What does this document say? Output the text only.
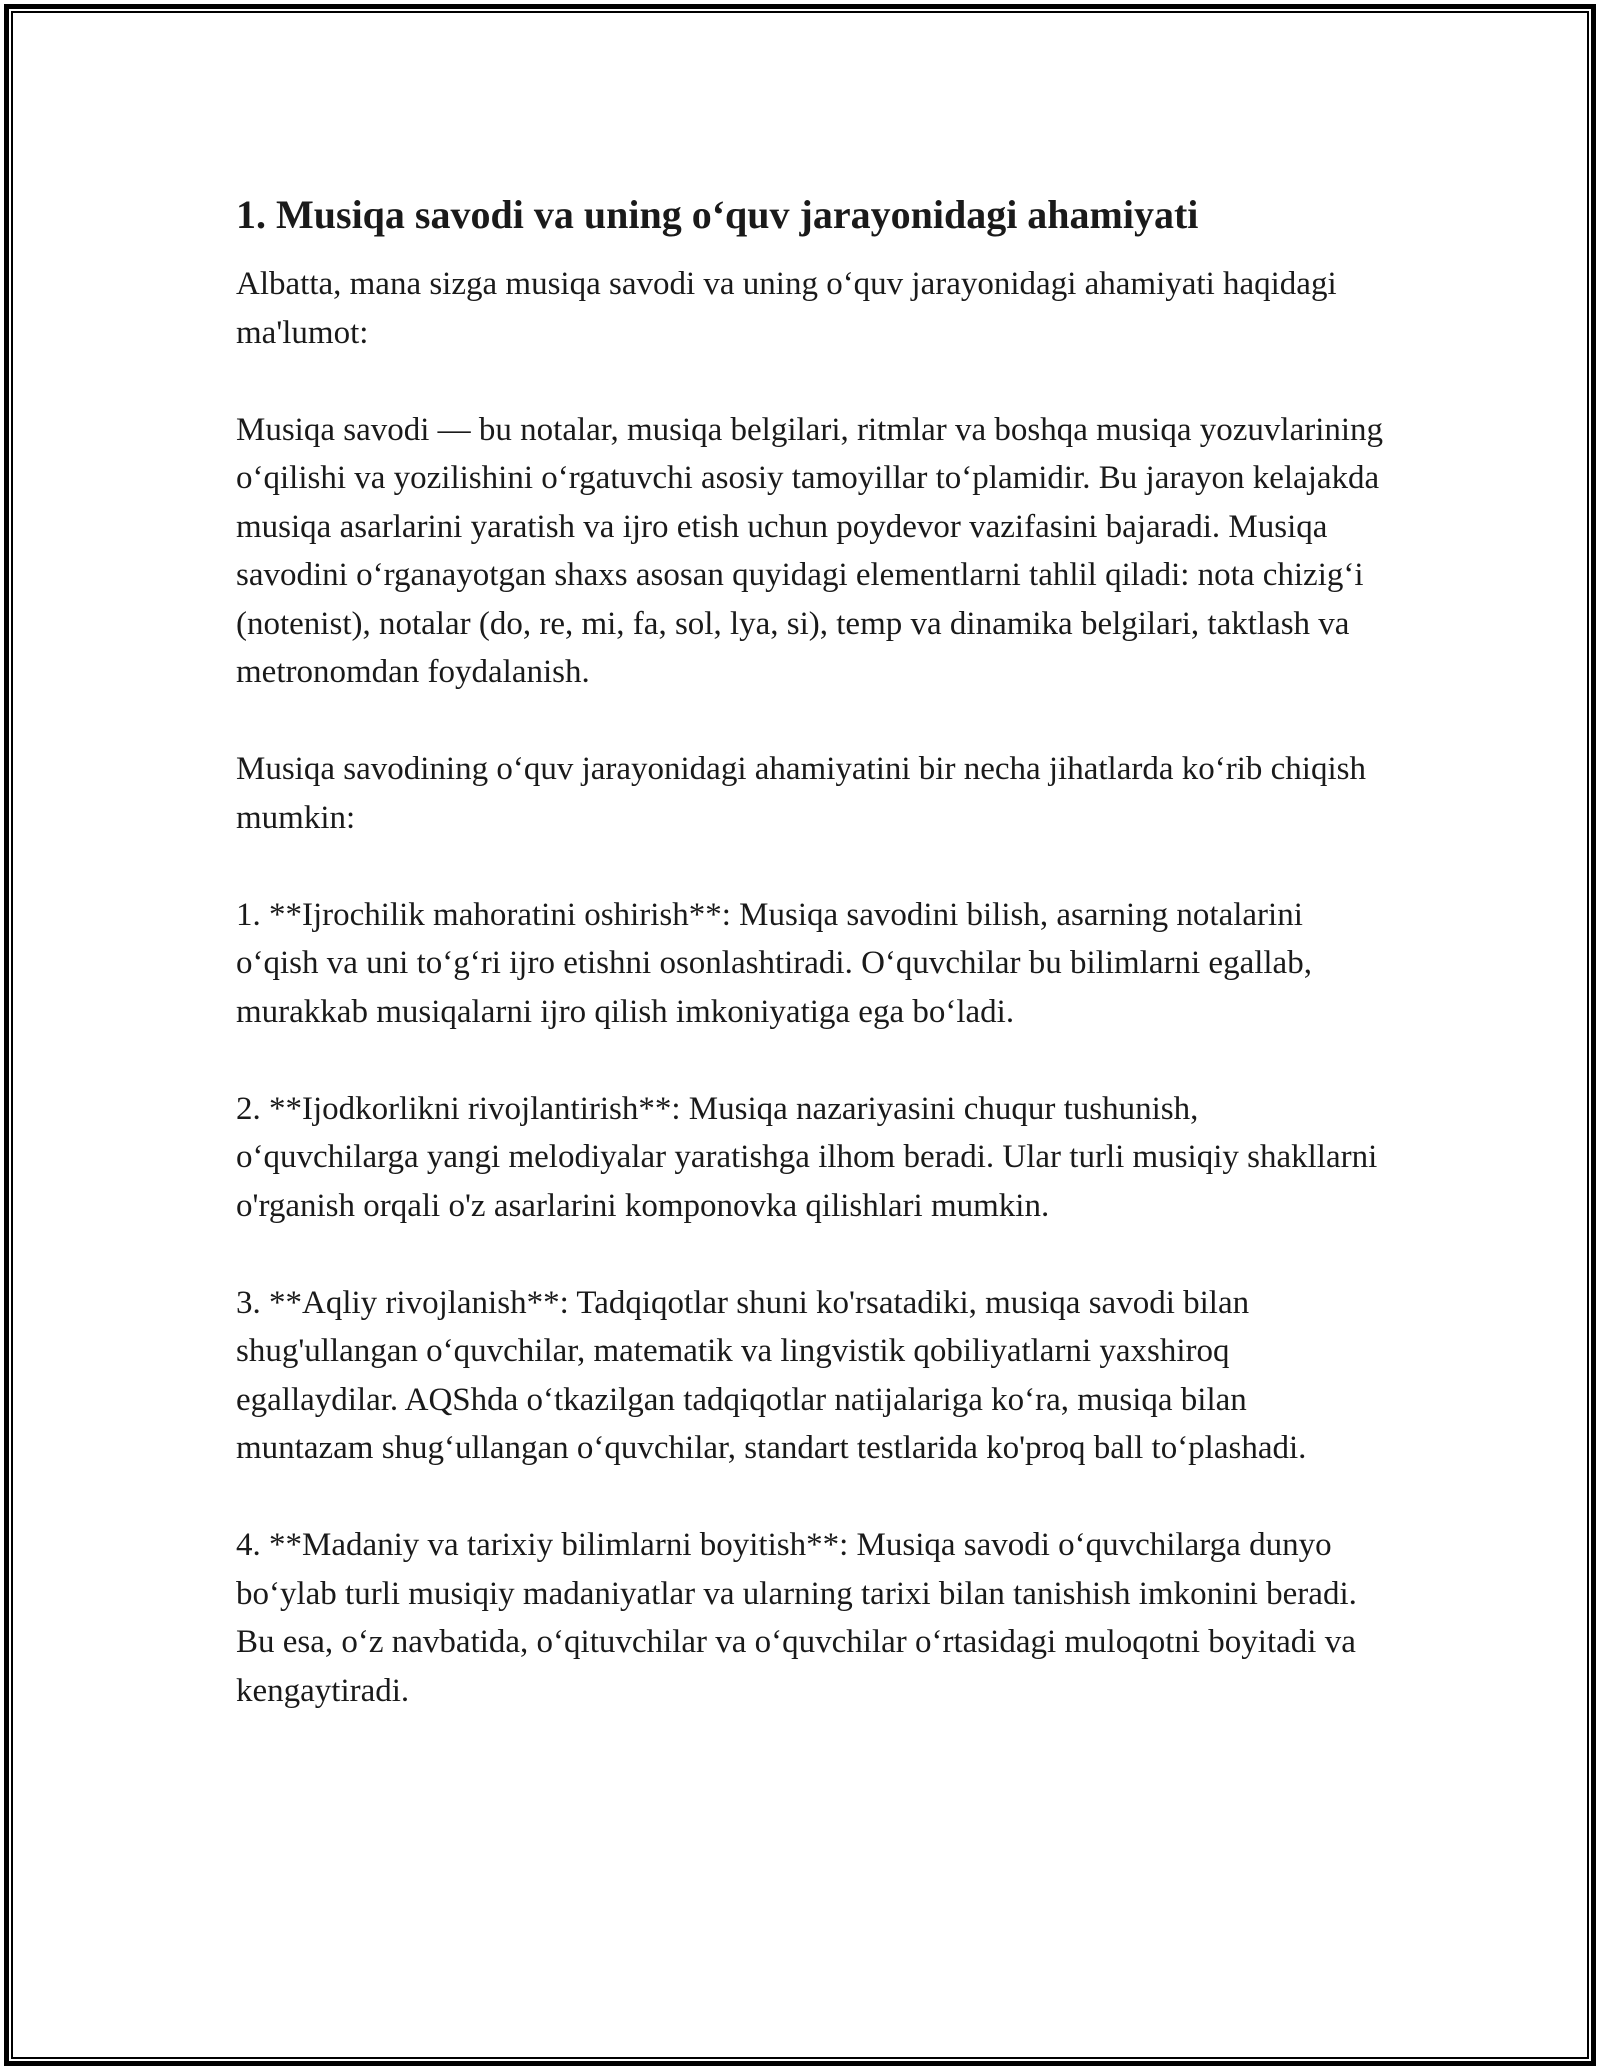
1. Musiqa savodi va uning o‘quv jarayonidagi ahamiyati

Albatta, mana sizga musiqa savodi va uning o‘quv jarayonidagi ahamiyati haqidagi ma'lumot:

Musiqa savodi — bu notalar, musiqa belgilari, ritmlar va boshqa musiqa yozuvlarining o‘qilishi va yozilishini o‘rgatuvchi asosiy tamoyillar to‘plamidir. Bu jarayon kelajakda musiqa asarlarini yaratish va ijro etish uchun poydevor vazifasini bajaradi. Musiqa savodini o‘rganayotgan shaxs asosan quyidagi elementlarni tahlil qiladi: nota chizig‘i (notenist), notalar (do, re, mi, fa, sol, lya, si), temp va dinamika belgilari, taktlash va metronomdan foydalanish.

Musiqa savodining o‘quv jarayonidagi ahamiyatini bir necha jihatlarda ko‘rib chiqish mumkin:

1. **Ijrochilik mahoratini oshirish**: Musiqa savodini bilish, asarning notalarini o‘qish va uni to‘g‘ri ijro etishni osonlashtiradi. O‘quvchilar bu bilimlarni egallab, murakkab musiqalarni ijro qilish imkoniyatiga ega bo‘ladi.

2. **Ijodkorlikni rivojlantirish**: Musiqa nazariyasini chuqur tushunish, o‘quvchilarga yangi melodiyalar yaratishga ilhom beradi. Ular turli musiqiy shakllarni o'rganish orqali o'z asarlarini komponovka qilishlari mumkin.

3. **Aqliy rivojlanish**: Tadqiqotlar shuni ko'rsatadiki, musiqa savodi bilan shug'ullangan o‘quvchilar, matematik va lingvistik qobiliyatlarni yaxshiroq egallaydilar. AQShda o‘tkazilgan tadqiqotlar natijalariga ko‘ra, musiqa bilan muntazam shug‘ullangan o‘quvchilar, standart testlarida ko'proq ball to‘plashadi.

4. **Madaniy va tarixiy bilimlarni boyitish**: Musiqa savodi o‘quvchilarga dunyo bo‘ylab turli musiqiy madaniyatlar va ularning tarixi bilan tanishish imkonini beradi. Bu esa, o‘z navbatida, o‘qituvchilar va o‘quvchilar o‘rtasidagi muloqotni boyitadi va kengaytiradi.
